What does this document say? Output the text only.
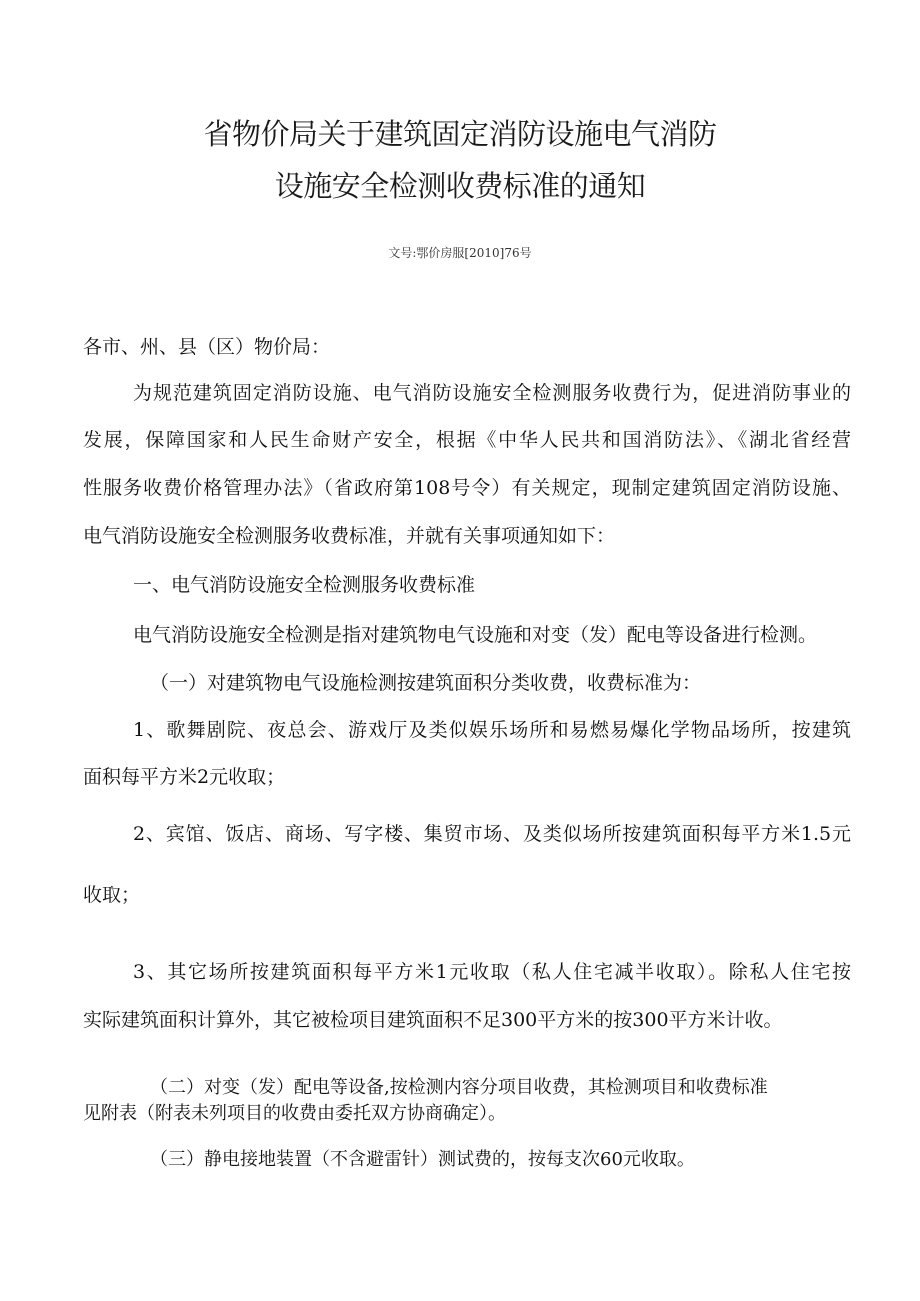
省物价局关于建筑固定消防设施电气消防
设施安全检测收费标准的通知
文号:鄂价房服[2010]76号
各市、州、县（区）物价局：
为规范建筑固定消防设施、电气消防设施安全检测服务收费行为，促进消防事业的
发展，保障国家和人民生命财产安全，根据《中华人民共和国消防法》、《湖北省经营
性服务收费价格管理办法》（省政府第108号令）有关规定，现制定建筑固定消防设施、
电气消防设施安全检测服务收费标准，并就有关事项通知如下：
一、电气消防设施安全检测服务收费标准
电气消防设施安全检测是指对建筑物电气设施和对变（发）配电等设备进行检测。
（一）对建筑物电气设施检测按建筑面积分类收费，收费标准为：
1、歌舞剧院、夜总会、游戏厅及类似娱乐场所和易燃易爆化学物品场所，按建筑
面积每平方米2元收取；
2、宾馆、饭店、商场、写字楼、集贸市场、及类似场所按建筑面积每平方米1.5元
收取；
3、其它场所按建筑面积每平方米1元收取（私人住宅减半收取）。除私人住宅按
实际建筑面积计算外，其它被检项目建筑面积不足300平方米的按300平方米计收。
（二）对变（发）配电等设备,按检测内容分项目收费，其检测项目和收费标准
见附表（附表未列项目的收费由委托双方协商确定）。
（三）静电接地装置（不含避雷针）测试费的，按每支次60元收取。
